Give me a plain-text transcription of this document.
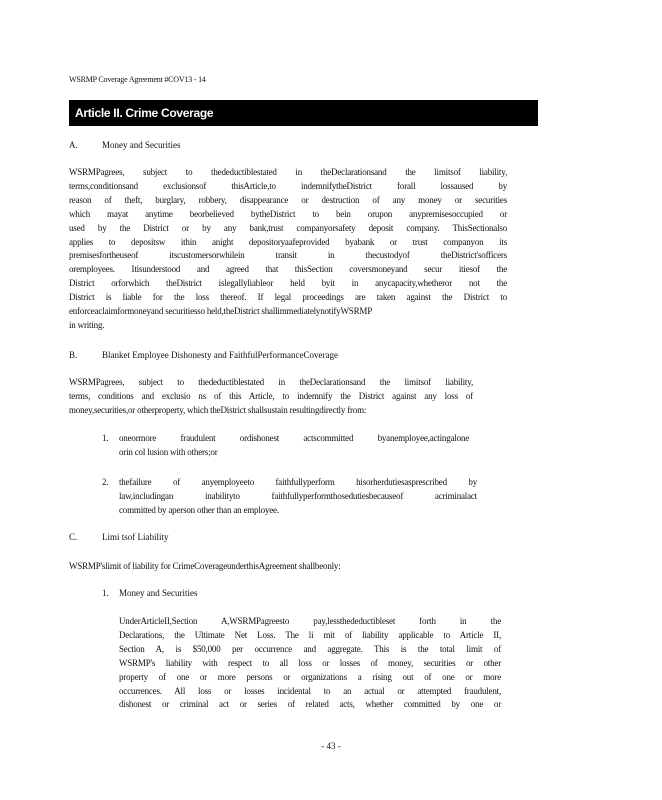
WSRMP Coverage Agreement #COV13 - 14
Article II. Crime Coverage
A.	Money and Securities
WSRMPagrees, subject to thedeductiblestated in theDeclarationsand the limitsof liability,
terms,conditionsand exclusionsof thisArticle,to indemnifytheDistrict forall lossaused by
reason of theft, burglary, robbery, disappearance or destruction of any money or securities
which mayat anytime beorbelieved bytheDistrict to bein orupon anypremisesoccupied or
used by the District or by any bank,trust companyorsafety deposit company. ThisSectionalso
applies to depositsw ithin anight depositoryaafeprovided byabank or trust companyon its
premisesfortheuseof itscustomersorwhilein transit in thecustodyof theDistrict'sofficers
oremployees. Itisunderstood and agreed that thisSection coversmoneyand secur itiesof the
District orforwhich theDistrict islegallyliableor held byit in anycapacity,whetheror not the
District is liable for the loss thereof. If legal proceedings are taken against the District to
enforceaclaimformoneyand securitiesso held,theDistrict shallimmediatelynotifyWSRMP
in writing.
B.	Blanket Employee Dishonesty and FaithfulPerformanceCoverage
WSRMPagrees, subject to thedeductiblestated in theDeclarationsand the limitsof liability,
terms, conditions and exclusio ns of this Article, to indemnify the District against any loss of
money,securities,or otherproperty, which theDistrict shallsustain resultingdirectly from:
1. oneormore fraudulent ordishonest actscommitted byanemployee,actingalone
orin col lusion with others;or
2. thefailure of anyemployeeto faithfullyperform hisorherdutiesasprescribed by
law,includingan inabilityto faithfullyperformthosedutiesbecauseof acriminalact
committed by aperson other than an employee.
C.	Limi tsof Liability
WSRMP'slimit of liability for CrimeCoverageunderthisAgreement shallbeonly:
1. Money and Securities
UnderArticleII,Section A,WSRMPagreesto pay,lessthedeductibleset forth in the
Declarations, the Ultimate Net Loss. The li mit of liability applicable to Article II,
Section A, is $50,000 per occurrence and aggregate. This is the total limit of
WSRMP's liability with respect to all loss or losses of money, securities or other
property of one or more persons or organizations a rising out of one or more
occurrences. All loss or losses incidental to an actual or attempted fraudulent,
dishonest or criminal act or series of related acts, whether committed by one or
- 43 -
